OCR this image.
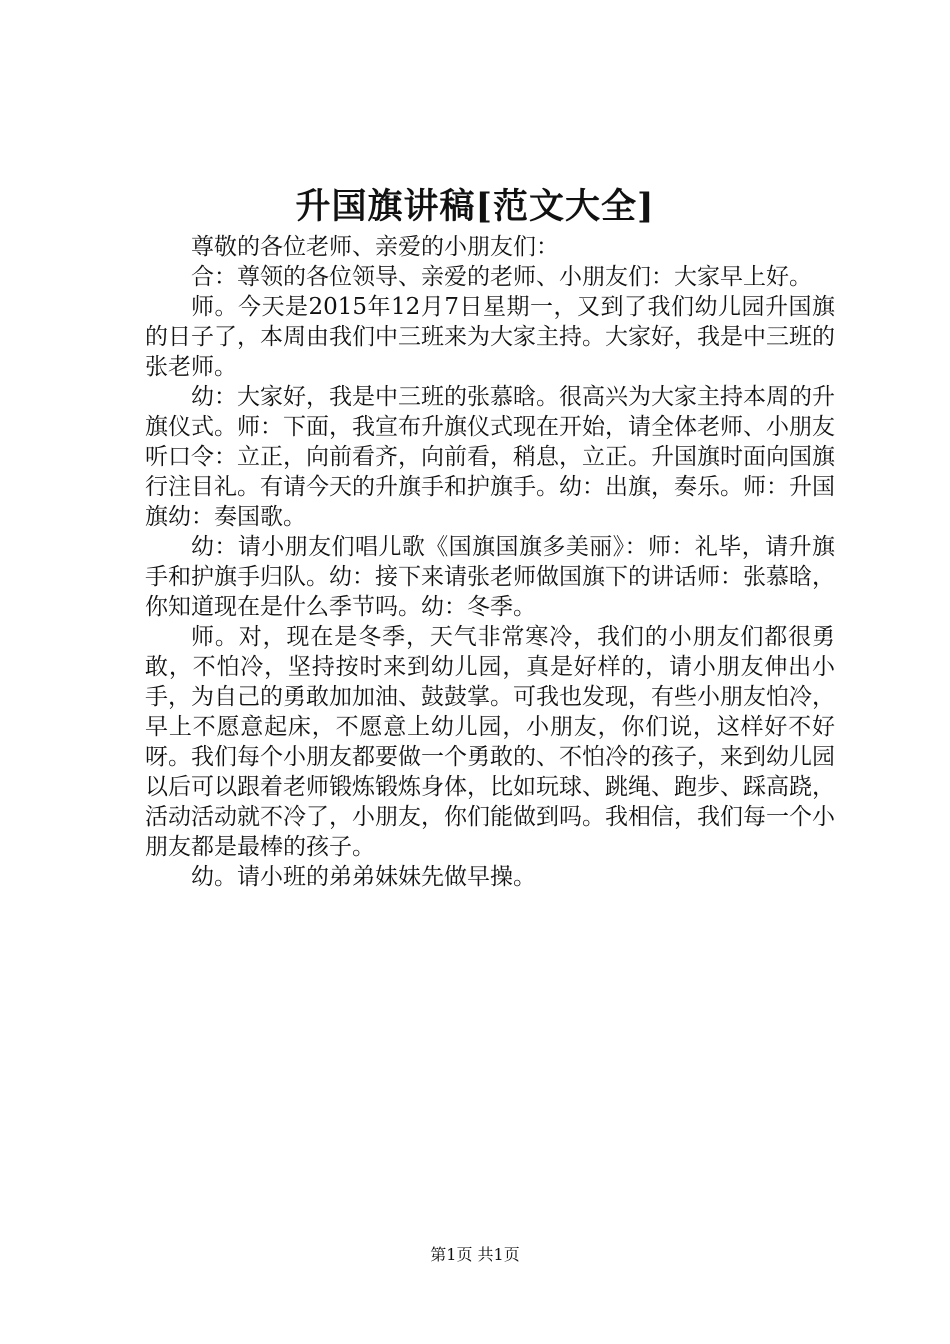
升国旗讲稿[范文大全]

尊敬的各位老师、亲爱的小朋友们：

合：尊领的各位领导、亲爱的老师、小朋友们：大家早上好。

师。今天是2015年12月7日星期一，又到了我们幼儿园升国旗的日子了，本周由我们中三班来为大家主持。大家好，我是中三班的张老师。

幼：大家好，我是中三班的张慕晗。很高兴为大家主持本周的升旗仪式。师：下面，我宣布升旗仪式现在开始，请全体老师、小朋友听口令：立正，向前看齐，向前看，稍息，立正。升国旗时面向国旗行注目礼。有请今天的升旗手和护旗手。幼：出旗，奏乐。师：升国旗幼：奏国歌。

幼：请小朋友们唱儿歌《国旗国旗多美丽》：师：礼毕，请升旗手和护旗手归队。幼：接下来请张老师做国旗下的讲话师：张慕晗，你知道现在是什么季节吗。幼：冬季。

师。对，现在是冬季，天气非常寒冷，我们的小朋友们都很勇敢，不怕冷，坚持按时来到幼儿园，真是好样的，请小朋友伸出小手，为自己的勇敢加加油、鼓鼓掌。可我也发现，有些小朋友怕冷，早上不愿意起床，不愿意上幼儿园，小朋友，你们说，这样好不好呀。我们每个小朋友都要做一个勇敢的、不怕冷的孩子，来到幼儿园以后可以跟着老师锻炼锻炼身体，比如玩球、跳绳、跑步、踩高跷，活动活动就不冷了，小朋友，你们能做到吗。我相信，我们每一个小朋友都是最棒的孩子。

幼。请小班的弟弟妹妹先做早操。

第1页 共1页
